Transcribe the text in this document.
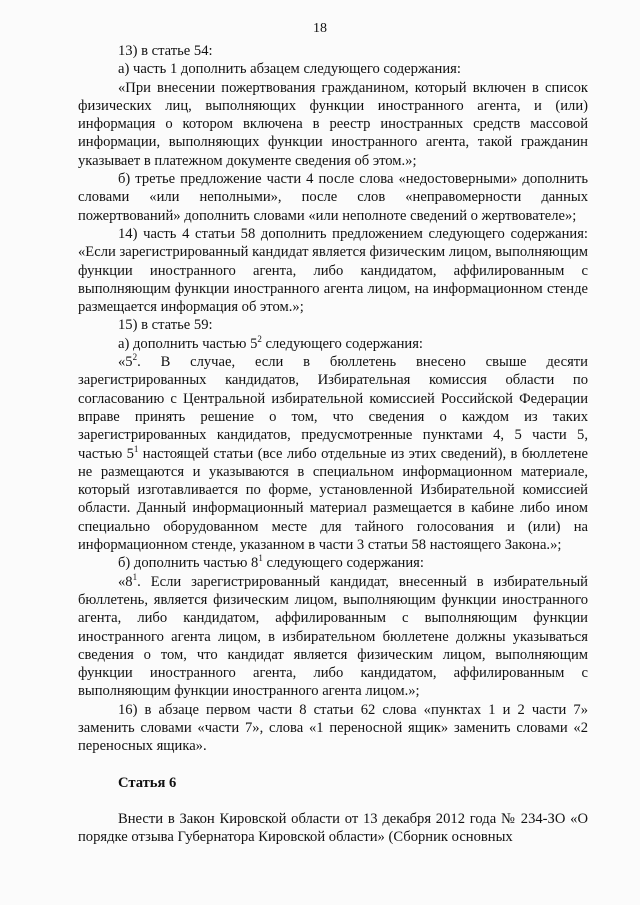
18

13) в статье 54:

а) часть 1 дополнить абзацем следующего содержания:

«При внесении пожертвования гражданином, который включен в список физических лиц, выполняющих функции иностранного агента, и (или) информация о котором включена в реестр иностранных средств массовой информации, выполняющих функции иностранного агента, такой гражданин указывает в платежном документе сведения об этом.»;

б) третье предложение части 4 после слова «недостоверными» дополнить словами «или неполными», после слов «неправомерности данных пожертвований» дополнить словами «или неполноте сведений о жертвователе»;

14) часть 4 статьи 58 дополнить предложением следующего содержания: «Если зарегистрированный кандидат является физическим лицом, выполняющим функции иностранного агента, либо кандидатом, аффилированным с выполняющим функции иностранного агента лицом, на информационном стенде размещается информация об этом.»;

15) в статье 59:

а) дополнить частью $5^2$ следующего содержания:

«$5^2$. В случае, если в бюллетень внесено свыше десяти зарегистрированных кандидатов, Избирательная комиссия области по согласованию с Центральной избирательной комиссией Российской Федерации вправе принять решение о том, что сведения о каждом из таких зарегистрированных кандидатов, предусмотренные пунктами 4, 5 части 5, частью $5^1$ настоящей статьи (все либо отдельные из этих сведений), в бюллетене не размещаются и указываются в специальном информационном материале, который изготавливается по форме, установленной Избирательной комиссией области. Данный информационный материал размещается в кабине либо ином специально оборудованном месте для тайного голосования и (или) на информационном стенде, указанном в части 3 статьи 58 настоящего Закона.»;

б) дополнить частью $8^1$ следующего содержания:

«$8^1$. Если зарегистрированный кандидат, внесенный в избирательный бюллетень, является физическим лицом, выполняющим функции иностранного агента, либо кандидатом, аффилированным с выполняющим функции иностранного агента лицом, в избирательном бюллетене должны указываться сведения о том, что кандидат является физическим лицом, выполняющим функции иностранного агента, либо кандидатом, аффилированным с выполняющим функции иностранного агента лицом.»;

16) в абзаце первом части 8 статьи 62 слова «пунктах 1 и 2 части 7» заменить словами «части 7», слова «1 переносной ящик» заменить словами «2 переносных ящика».

Статья 6

Внести в Закон Кировской области от 13 декабря 2012 года № 234-ЗО «О порядке отзыва Губернатора Кировской области» (Сборник основных
